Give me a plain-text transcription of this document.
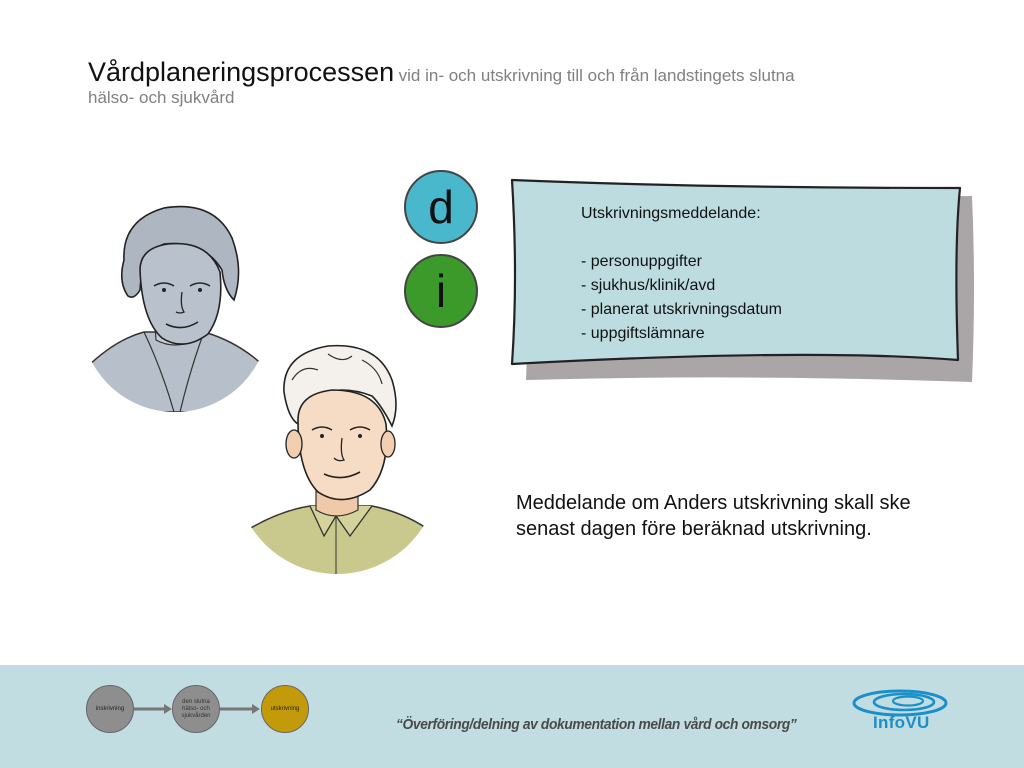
Vårdplaneringsprocessen vid in- och utskrivning till och från landstingets slutna
hälso- och sjukvård
d
i
Utskrivningsmeddelande:
- personuppgifter
- sjukhus/klinik/avd
- planerat utskrivningsdatum
- uppgiftslämnare
Meddelande om Anders utskrivning skall ske
senast dagen före beräknad utskrivning.
inskrivning
den slutna
hälso- och
sjukvården
utskrivning
“Överföring/delning av dokumentation mellan vård och omsorg”	InfoVU
